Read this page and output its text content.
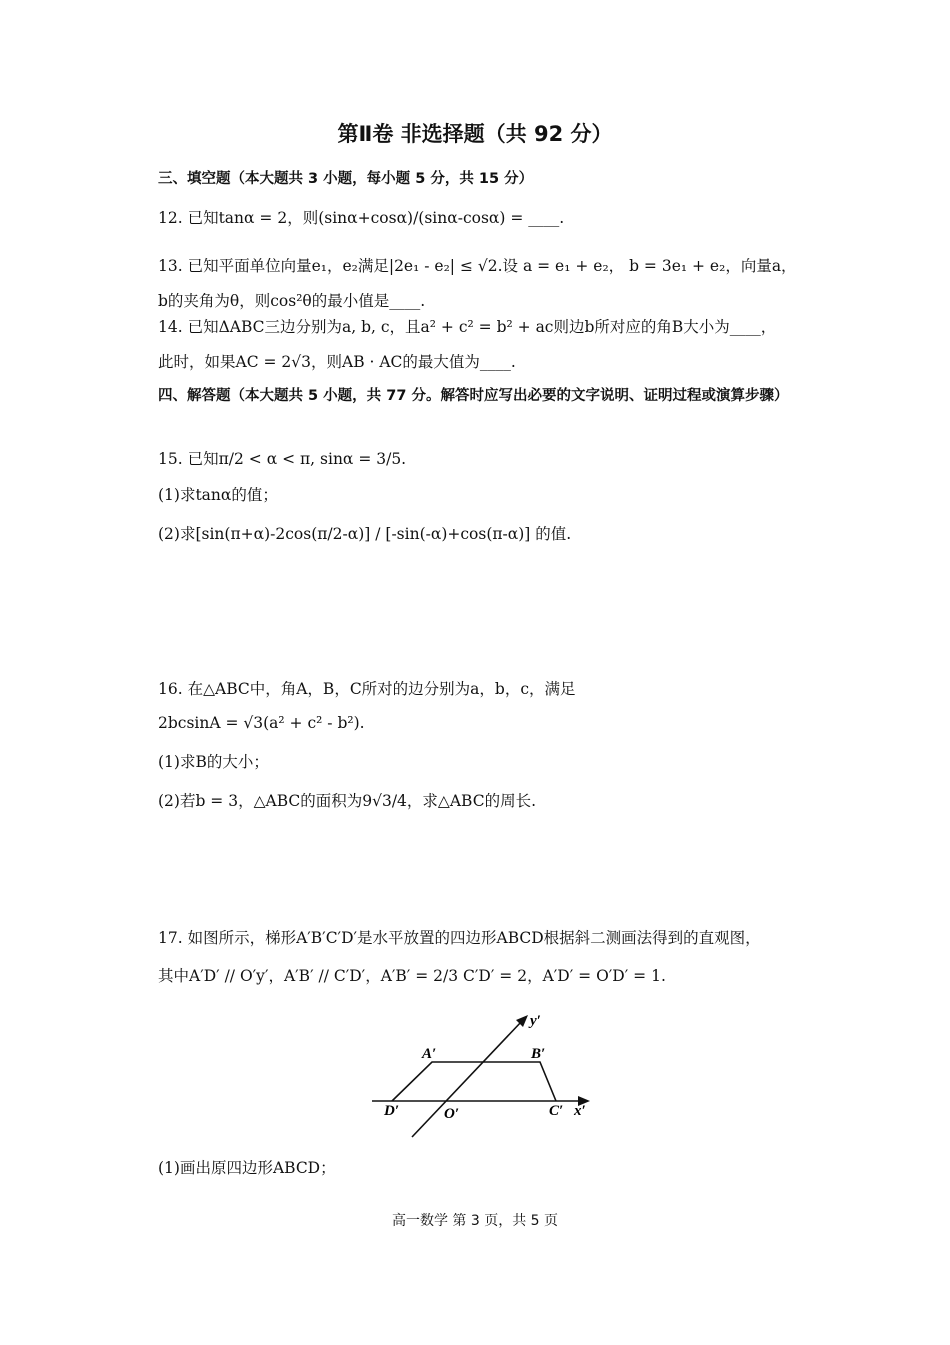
第Ⅱ卷 非选择题（共 92 分）
三、填空题（本大题共 3 小题，每小题 5 分，共 15 分）
12. 已知tanα = 2，则(sinα+cosα)/(sinα-cosα) = ____.
13. 已知平面单位向量e₁，e₂满足|2e₁ - e₂| ≤ √2.设 a = e₁ + e₂， b = 3e₁ + e₂，向量a，
b的夹角为θ，则cos²θ的最小值是____.
14. 已知ΔABC三边分别为a, b, c，且a² + c² = b² + ac则边b所对应的角B大小为____，
此时，如果AC = 2√3，则AB · AC的最大值为____.
四、解答题（本大题共 5 小题，共 77 分。解答时应写出必要的文字说明、证明过程或演算步骤）
15. 已知π/2 < α < π, sinα = 3/5.
(1)求tanα的值；
(2)求[sin(π+α)-2cos(π/2-α)] / [-sin(-α)+cos(π-α)] 的值.
16. 在△ABC中，角A，B，C所对的边分别为a，b，c，满足
2bcsinA = √3(a² + c² - b²).
(1)求B的大小；
(2)若b = 3，△ABC的面积为9√3/4，求△ABC的周长.
17. 如图所示，梯形A′B′C′D′是水平放置的四边形ABCD根据斜二测画法得到的直观图，
其中A′D′ // O′y′，A′B′ // C′D′，A′B′ = 2/3 C′D′ = 2，A′D′ = O′D′ = 1.
A′	B′
C′
D′	O′	x′
y′
(1)画出原四边形ABCD；
高一数学 第 3 页，共 5 页
